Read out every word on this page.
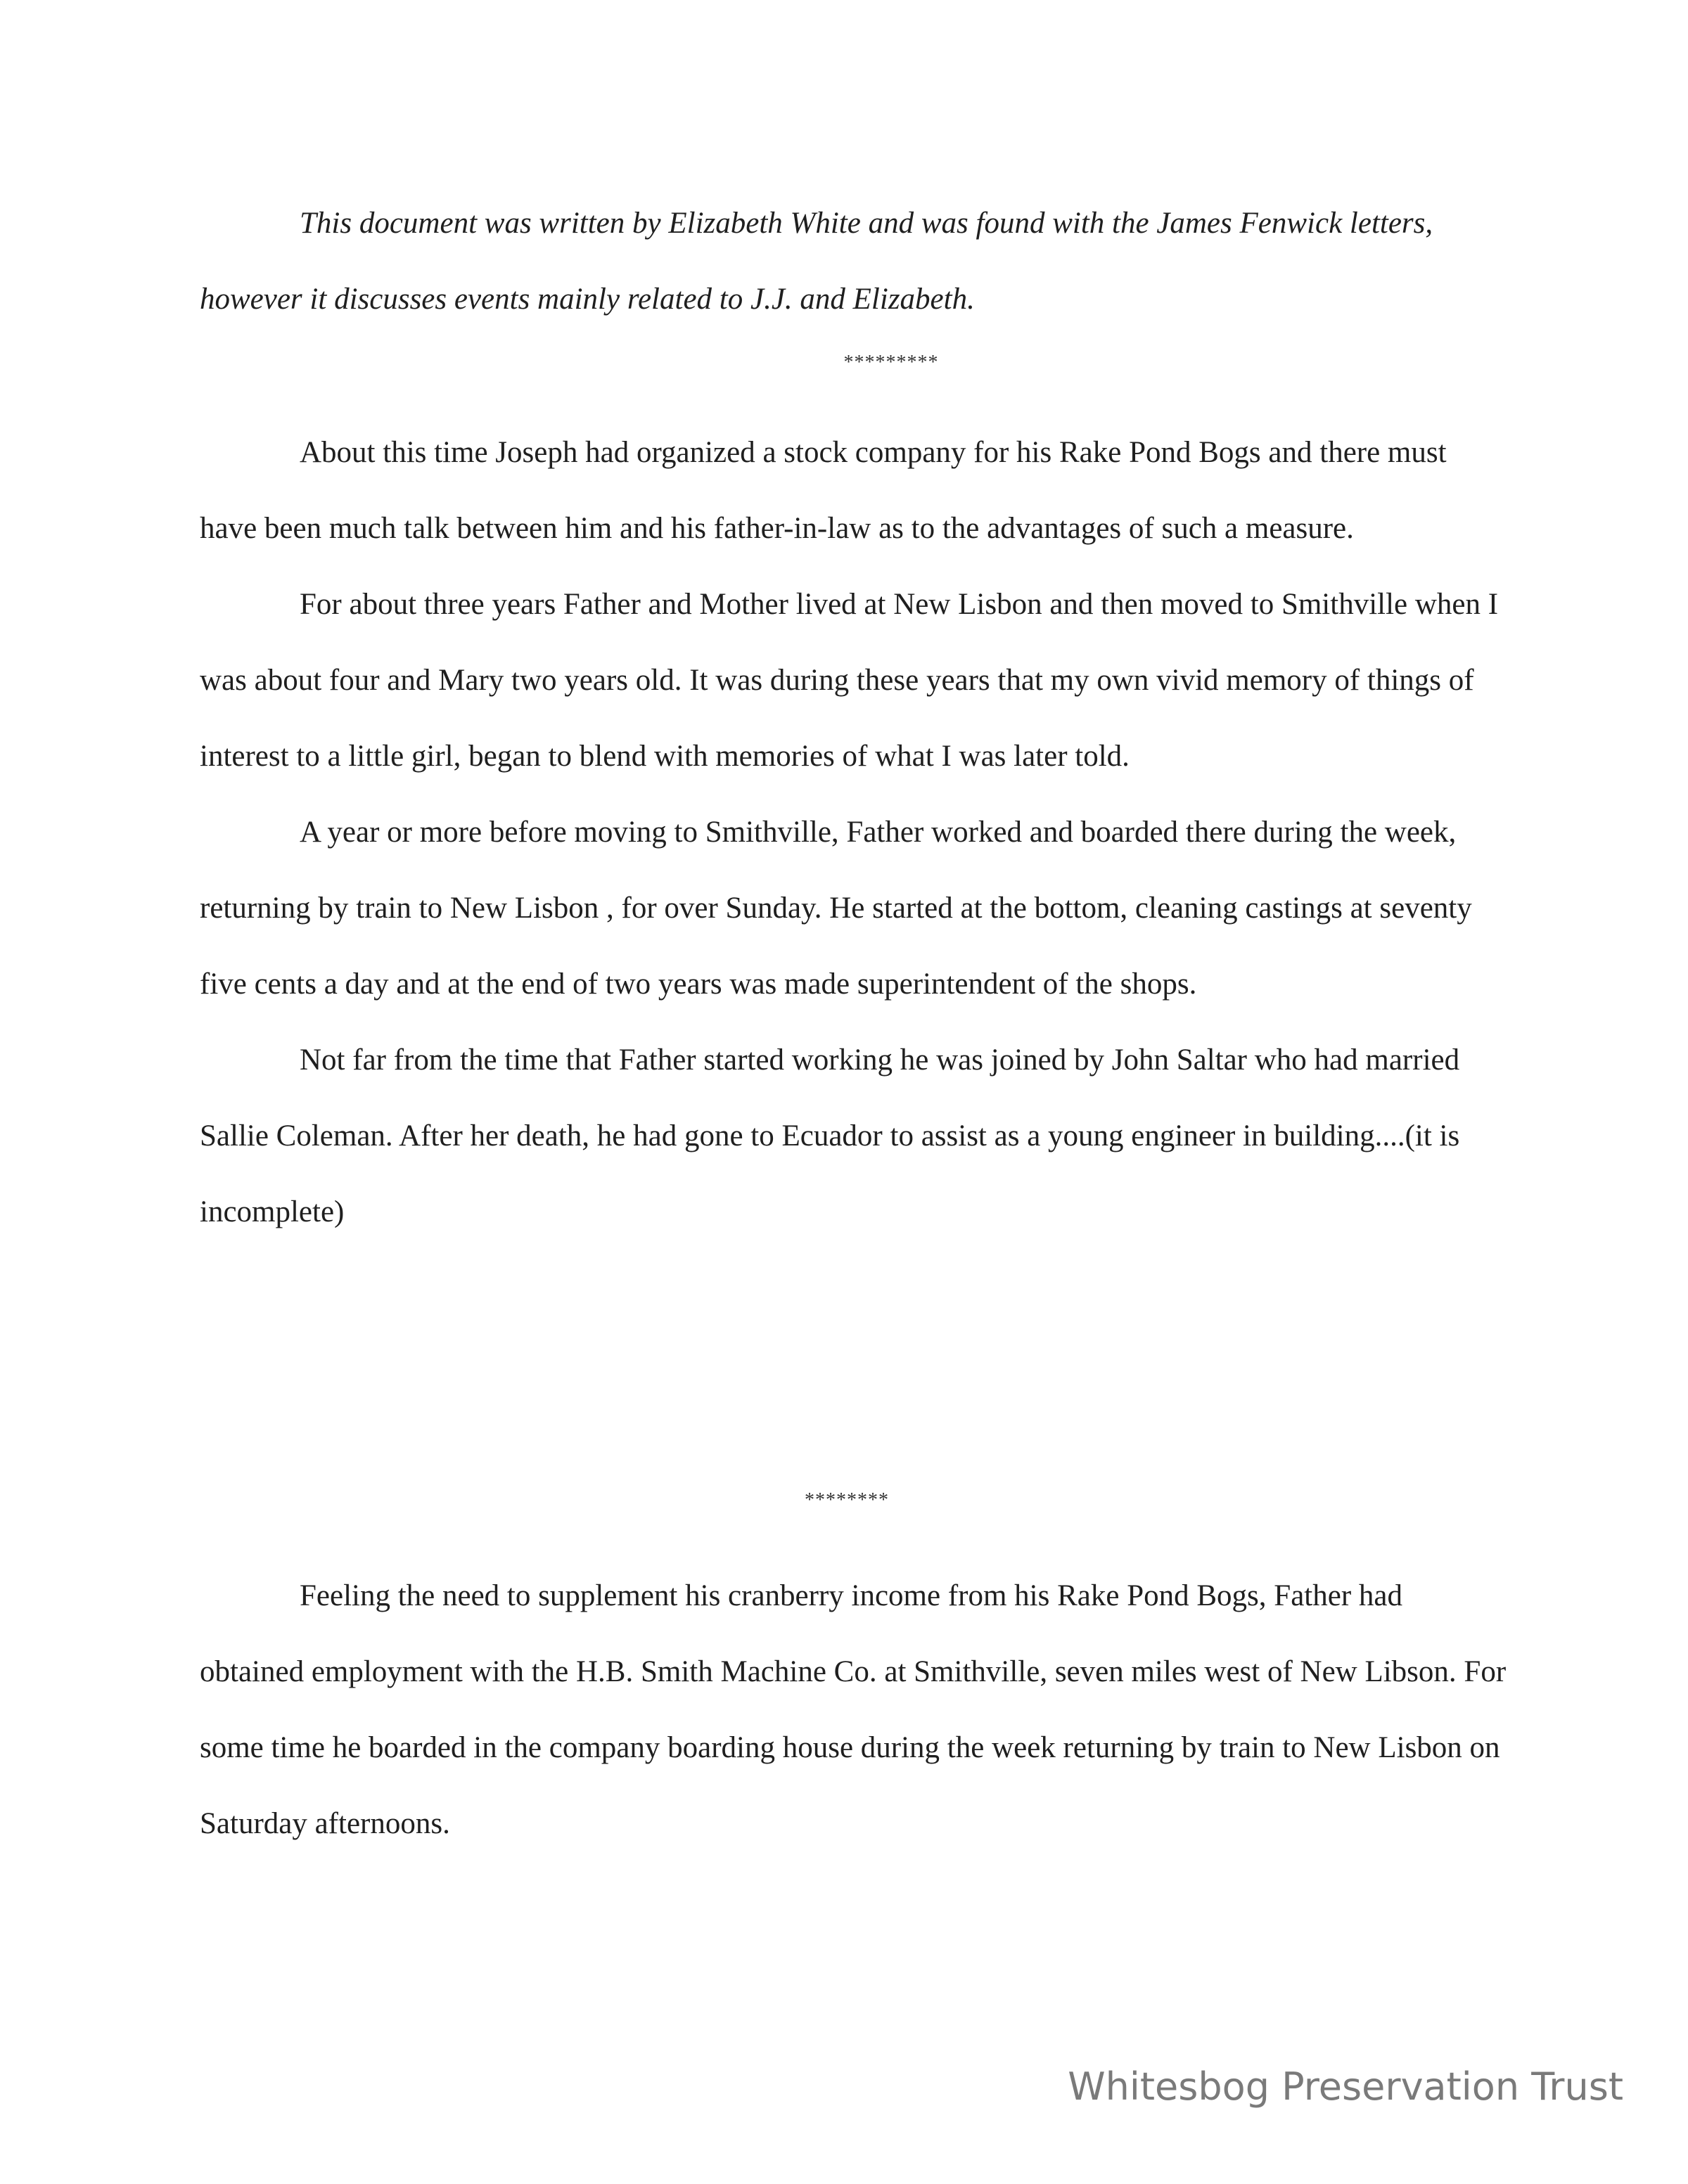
This document was written by Elizabeth White and was found with the James Fenwick letters, however it discusses events mainly related to J.J. and Elizabeth.

*********

About this time Joseph had organized a stock company for his Rake Pond Bogs and there must have been much talk between him and his father-in-law as to the advantages of such a measure.

For about three years Father and Mother lived at New Lisbon and then moved to Smithville when I was about four and Mary two years old. It was during these years that my own vivid memory of things of interest to a little girl, began to blend with memories of what I was later told.

A year or more before moving to Smithville, Father worked and boarded there during the week, returning by train to New Lisbon , for over Sunday. He started at the bottom, cleaning castings at seventy five cents a day and at the end of two years was made superintendent of the shops.

Not far from the time that Father started working he was joined by John Saltar who had married Sallie Coleman. After her death, he had gone to Ecuador to assist as a young engineer in building....(it is incomplete)

********

Feeling the need to supplement his cranberry income from his Rake Pond Bogs, Father had obtained employment with the H.B. Smith Machine Co. at Smithville, seven miles west of New Libson. For some time he boarded in the company boarding house during the week returning by train to New Lisbon on Saturday afternoons.

Whitesbog Preservation Trust
